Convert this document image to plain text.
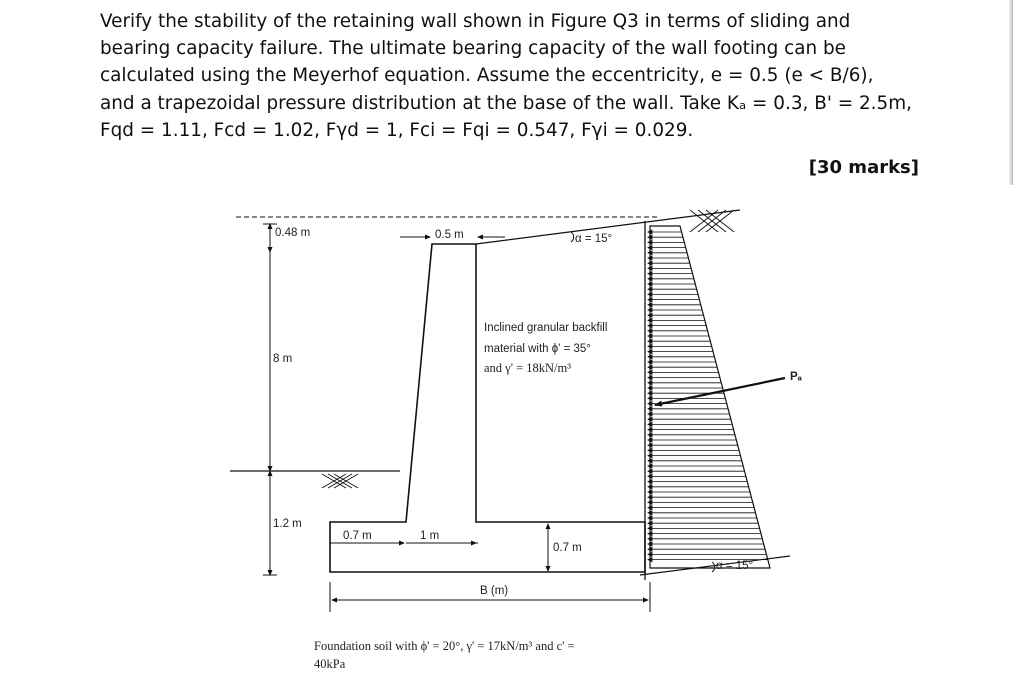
Verify the stability of the retaining wall shown in Figure Q3 in terms of sliding and

bearing capacity failure. The ultimate bearing capacity of the wall footing can be

calculated using the Meyerhof equation. Assume the eccentricity, e = 0.5 (e < B/6),

and a trapezoidal pressure distribution at the base of the wall. Take Kₐ = 0.3, B' = 2.5m,

Fqd = 1.11, Fcd = 1.02, Fγd = 1, Fci = Fqi = 0.547, Fγi = 0.029.

[30 marks]
0.48 m	0.5 m	α = 15°
8 m
1.2 m
0.7 m	1 m
0.7 m
B (m)
Inclined granular backfill
material with ϕ' = 35°
and γ' = 18kN/m³
Pₐ
α = 15°
Foundation soil with ϕ' = 20°, γ' = 17kN/m³ and c' =
40kPa
